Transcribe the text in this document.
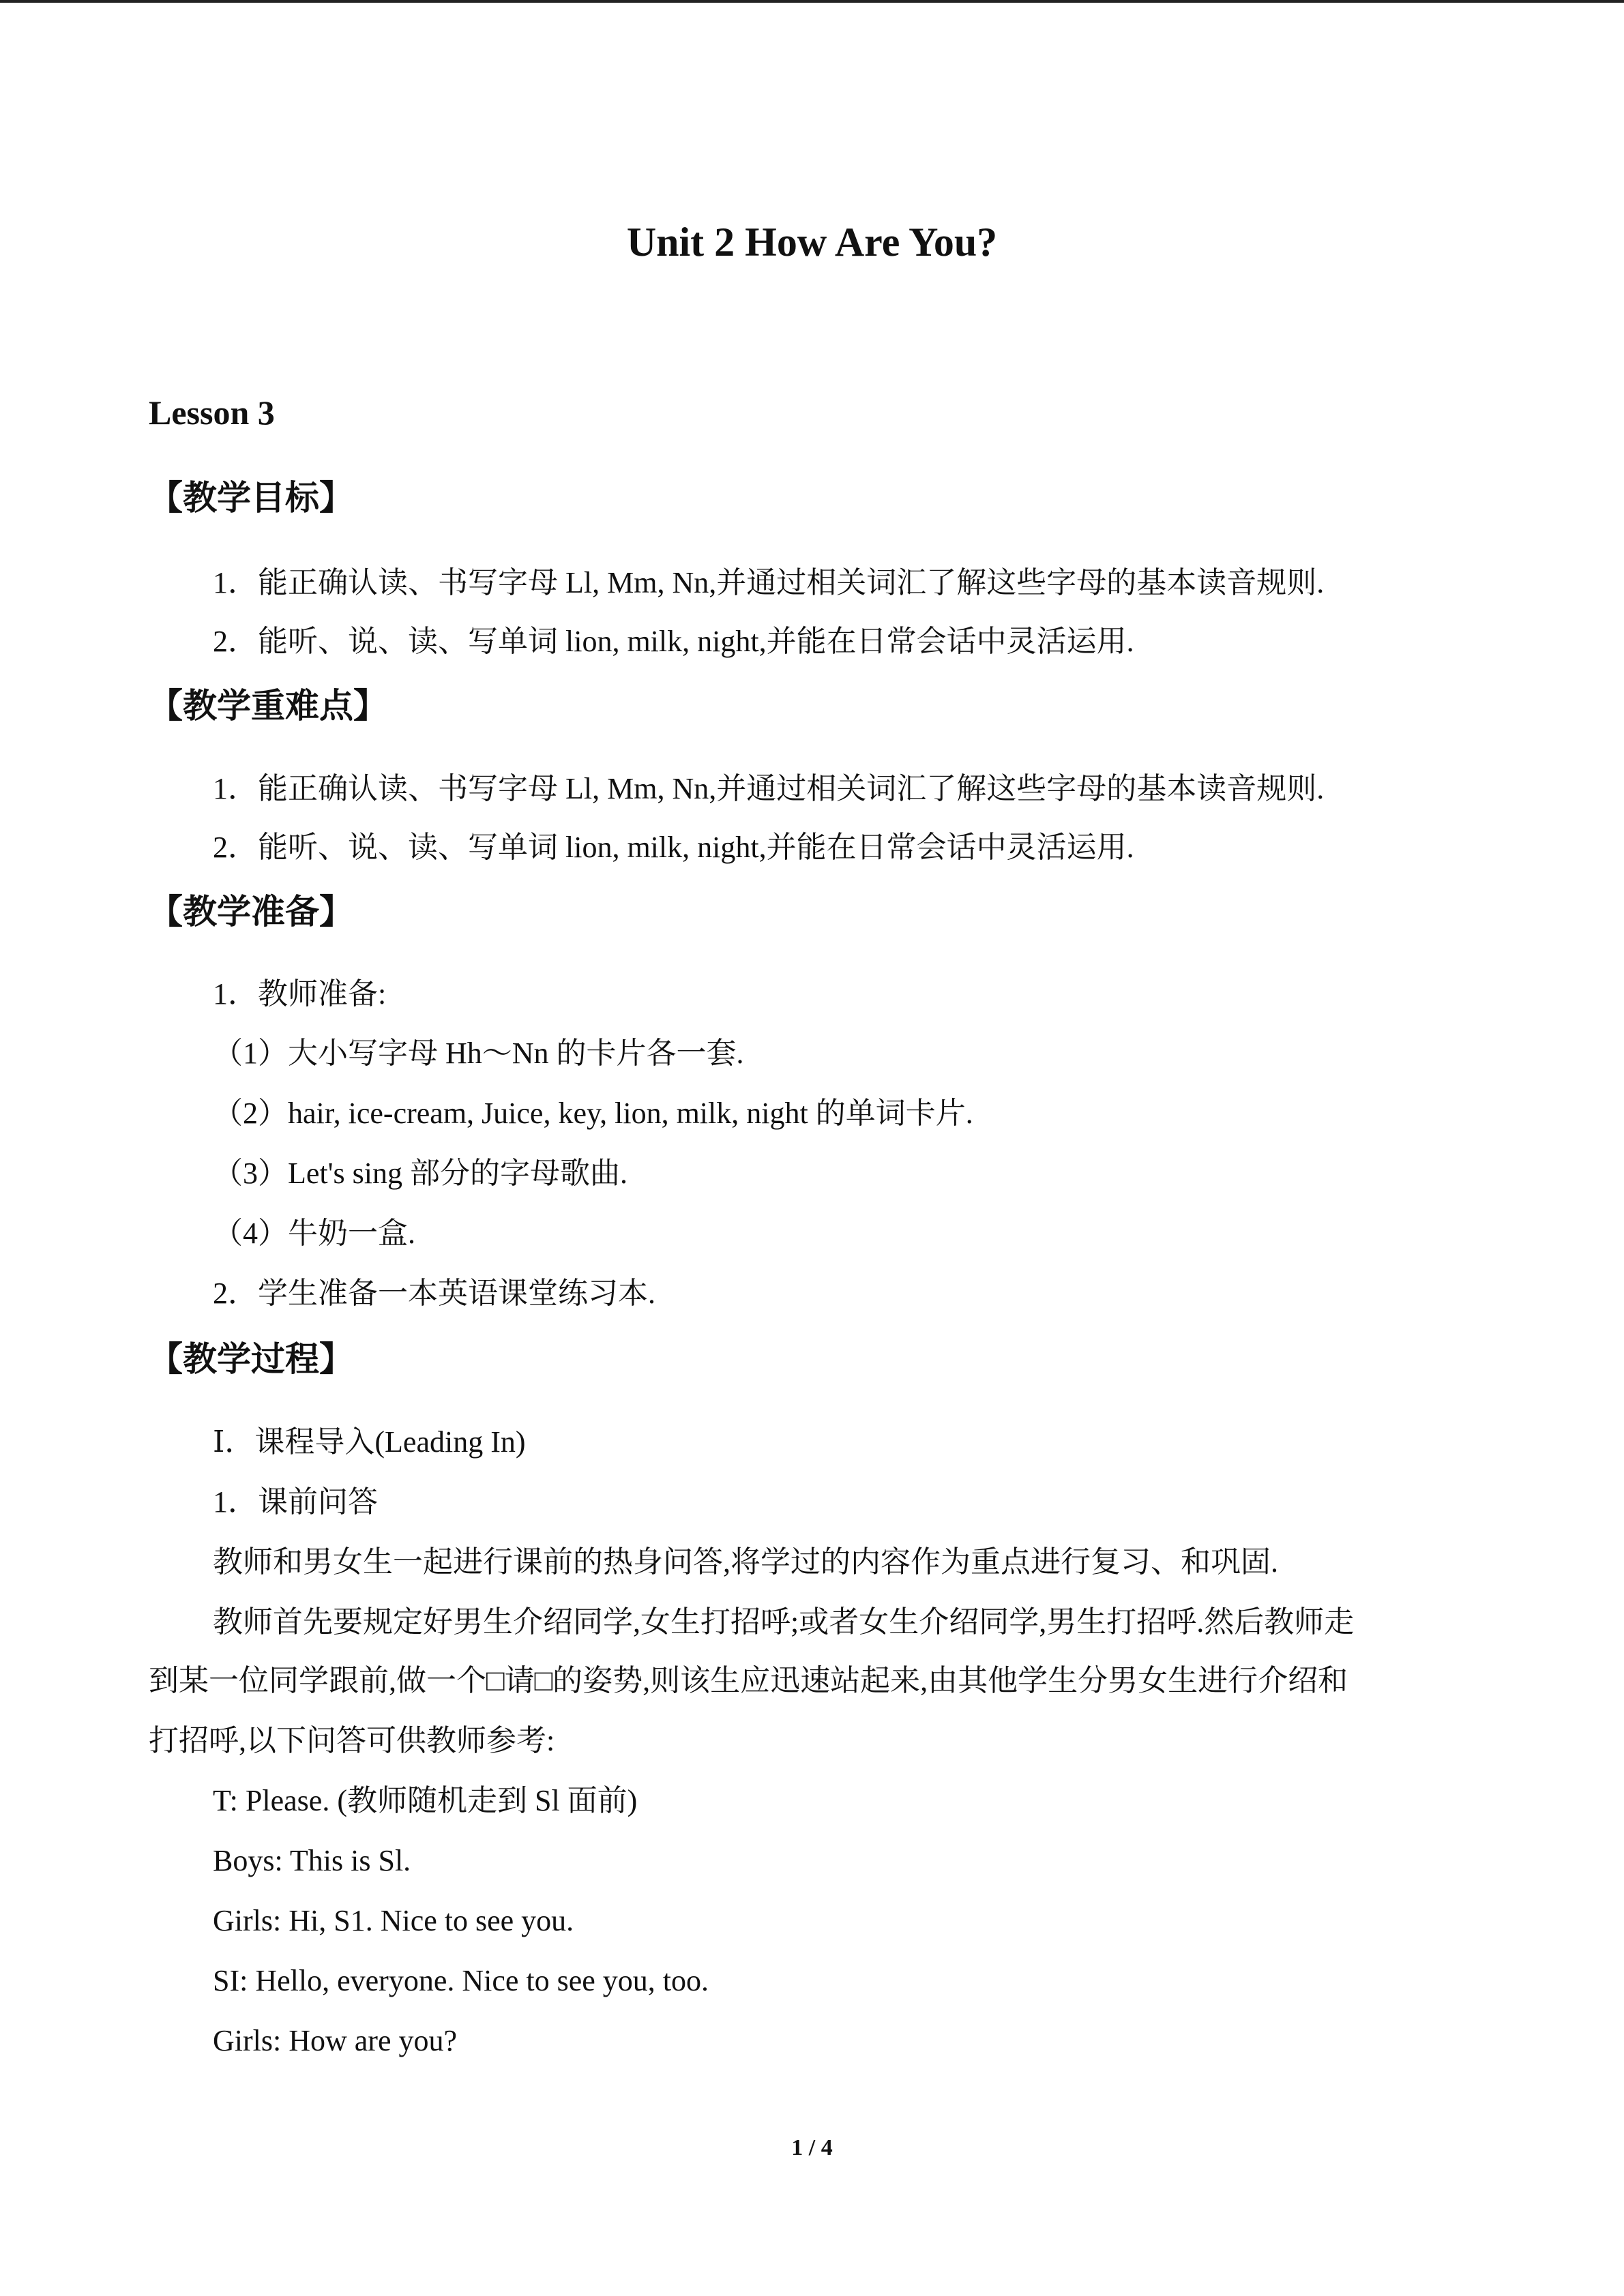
Unit 2 How Are You?
Lesson 3
【教学目标】
1．能正确认读、书写字母 Ll, Mm, Nn,并通过相关词汇了解这些字母的基本读音规则.
2．能听、说、读、写单词 lion, milk, night,并能在日常会话中灵活运用.
【教学重难点】
1．能正确认读、书写字母 Ll, Mm, Nn,并通过相关词汇了解这些字母的基本读音规则.
2．能听、说、读、写单词 lion, milk, night,并能在日常会话中灵活运用.
【教学准备】
1．教师准备:
（1）大小写字母 Hh～Nn 的卡片各一套.
（2）hair, ice-cream, Juice, key, lion, milk, night 的单词卡片.
（3）Let's sing 部分的字母歌曲.
（4）牛奶一盒.
2．学生准备一本英语课堂练习本.
【教学过程】
Ⅰ．课程导入(Leading In)
1．课前问答
教师和男女生一起进行课前的热身问答,将学过的内容作为重点进行复习、和巩固.
教师首先要规定好男生介绍同学,女生打招呼;或者女生介绍同学,男生打招呼.然后教师走
到某一位同学跟前,做一个□请□的姿势,则该生应迅速站起来,由其他学生分男女生进行介绍和
打招呼,以下问答可供教师参考:
T: Please. (教师随机走到 Sl 面前)
Boys: This is Sl.
Girls: Hi, S1. Nice to see you.
SI: Hello, everyone. Nice to see you, too.
Girls: How are you?
1 / 4
